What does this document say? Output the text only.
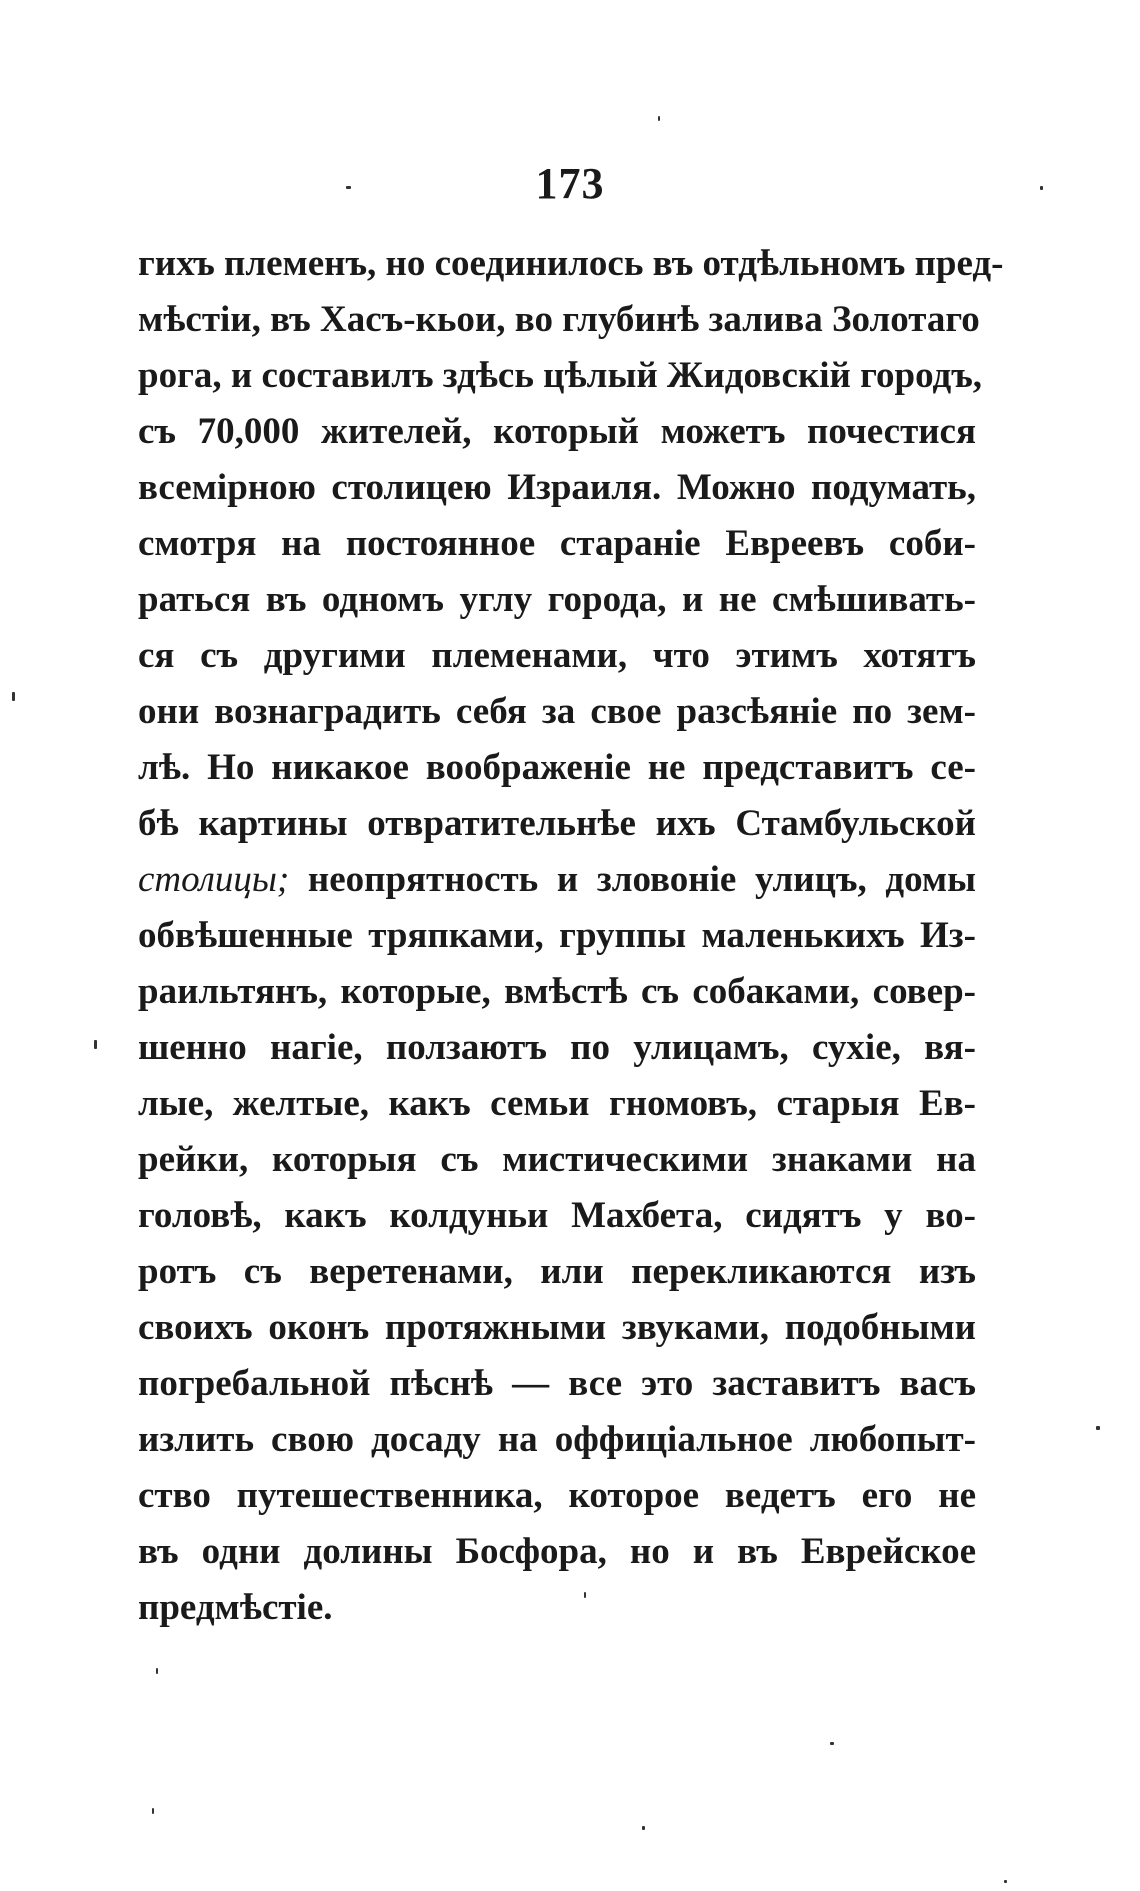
173
гихъ племенъ, но соединилось въ отдѣльномъ пред-
мѣстіи, въ Хасъ-кьои, во глубинѣ залива Золотаго
рога, и составилъ здѣсь цѣлый Жидовскій городъ,
съ 70,000 жителей, который можетъ почестися
всемірною столицею Израиля. Можно подумать,
смотря на постоянное стараніе Евреевъ соби-
раться въ одномъ углу города, и не смѣшивать-
ся съ другими племенами, что этимъ хотятъ
они вознаградить себя за свое разсѣяніе по зем-
лѣ. Но никакое воображеніе не представитъ се-
бѣ картины отвратительнѣе ихъ Стамбульской
столицы; неопрятность и зловоніе улицъ, домы
обвѣшенные тряпками, группы маленькихъ Из-
раильтянъ, которые, вмѣстѣ съ собаками, совер-
шенно нагіе, ползаютъ по улицамъ, сухіе, вя-
лые, желтые, какъ семьи гномовъ, старыя Ев-
рейки, которыя съ мистическими знаками на
головѣ, какъ колдуньи Махбета, сидятъ у во-
ротъ съ веретенами, или перекликаются изъ
своихъ оконъ протяжными звуками, подобными
погребальной пѣснѣ — все это заставитъ васъ
излить свою досаду на оффиціальное любопыт-
ство путешественника, которое ведетъ его не
въ одни долины Босфора, но и въ Еврейское
предмѣстіе.
